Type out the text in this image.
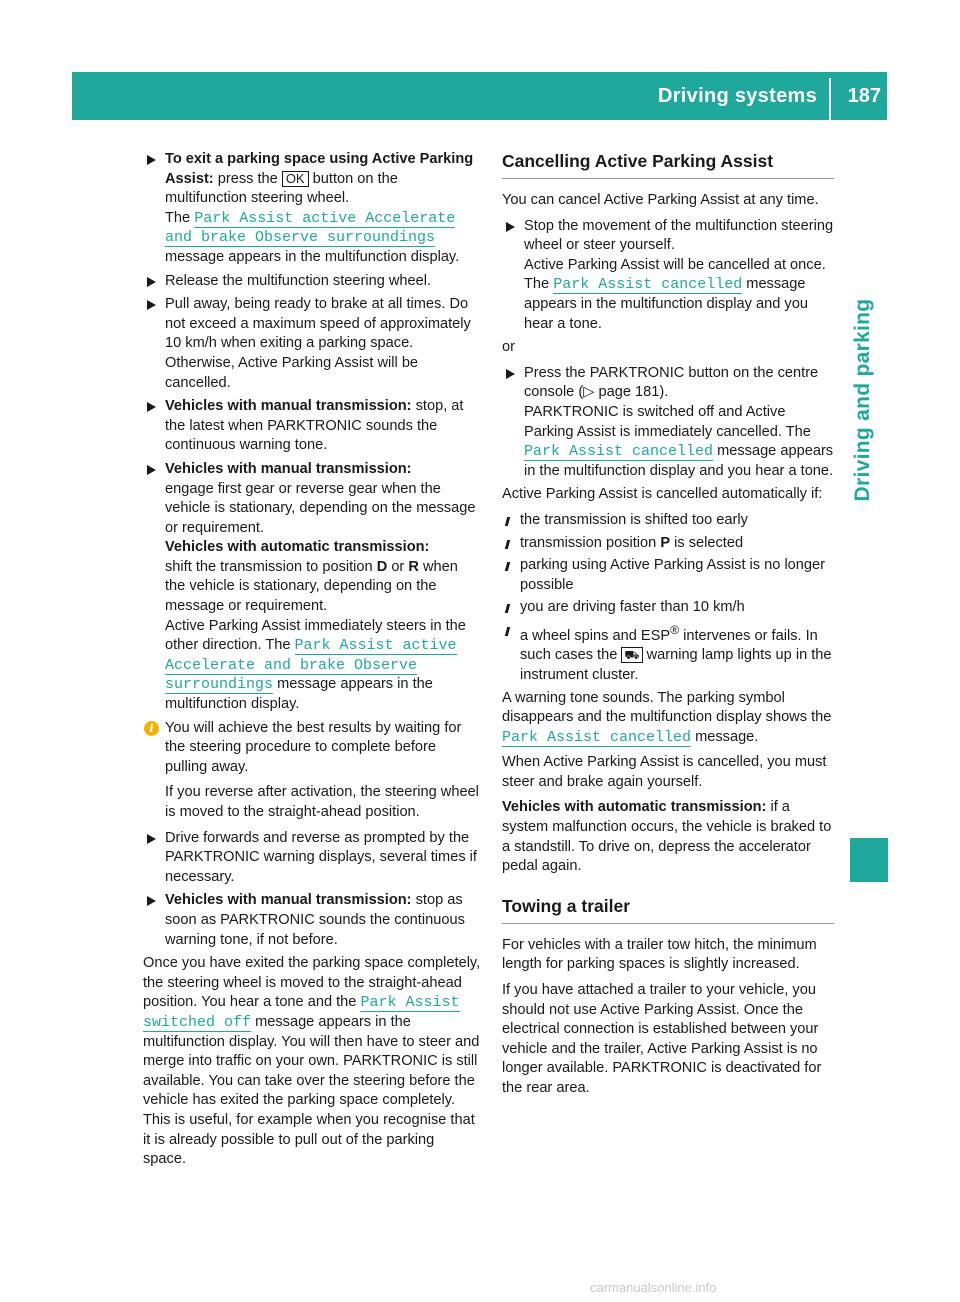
Driving systems 187
Driving and parking
To exit a parking space using Active Parking Assist: press the OK button on the multifunction steering wheel.
The Park Assist active Accelerate and brake Observe surroundings message appears in the multifunction display.
Release the multifunction steering wheel.
Pull away, being ready to brake at all times. Do not exceed a maximum speed of approximately 10 km/h when exiting a parking space. Otherwise, Active Parking Assist will be cancelled.
Vehicles with manual transmission: stop, at the latest when PARKTRONIC sounds the continuous warning tone.
Vehicles with manual transmission:
engage first gear or reverse gear when the vehicle is stationary, depending on the message or requirement.
Vehicles with automatic transmission:
shift the transmission to position D or R when the vehicle is stationary, depending on the message or requirement.
Active Parking Assist immediately steers in the other direction. The Park Assist active Accelerate and brake Observe surroundings message appears in the multifunction display.
i You will achieve the best results by waiting for the steering procedure to complete before pulling away.

If you reverse after activation, the steering wheel is moved to the straight-ahead position.

Drive forwards and reverse as prompted by the PARKTRONIC warning displays, several times if necessary.
Vehicles with manual transmission: stop as soon as PARKTRONIC sounds the continuous warning tone, if not before.

Once you have exited the parking space completely, the steering wheel is moved to the straight-ahead position. You hear a tone and the Park Assist switched off message appears in the multifunction display. You will then have to steer and merge into traffic on your own. PARKTRONIC is still available. You can take over the steering before the vehicle has exited the parking space completely. This is useful, for example when you recognise that it is already possible to pull out of the parking space.

Cancelling Active Parking Assist

You can cancel Active Parking Assist at any time.

Stop the movement of the multifunction steering wheel or steer yourself.
Active Parking Assist will be cancelled at once. The Park Assist cancelled message appears in the multifunction display and you hear a tone.

or

Press the PARKTRONIC button on the centre console (▷ page 181).
PARKTRONIC is switched off and Active Parking Assist is immediately cancelled. The Park Assist cancelled message appears in the multifunction display and you hear a tone.

Active Parking Assist is cancelled automatically if:

the transmission is shifted too early
transmission position P is selected
parking using Active Parking Assist is no longer possible
you are driving faster than 10 km/h
a wheel spins and ESP® intervenes or fails. In such cases the ⛟ warning lamp lights up in the instrument cluster.

A warning tone sounds. The parking symbol disappears and the multifunction display shows the Park Assist cancelled message.

When Active Parking Assist is cancelled, you must steer and brake again yourself.

Vehicles with automatic transmission: if a system malfunction occurs, the vehicle is braked to a standstill. To drive on, depress the accelerator pedal again.

Towing a trailer

For vehicles with a trailer tow hitch, the minimum length for parking spaces is slightly increased.

If you have attached a trailer to your vehicle, you should not use Active Parking Assist. Once the electrical connection is established between your vehicle and the trailer, Active Parking Assist is no longer available. PARKTRONIC is deactivated for the rear area.

carmanualsonline.info
